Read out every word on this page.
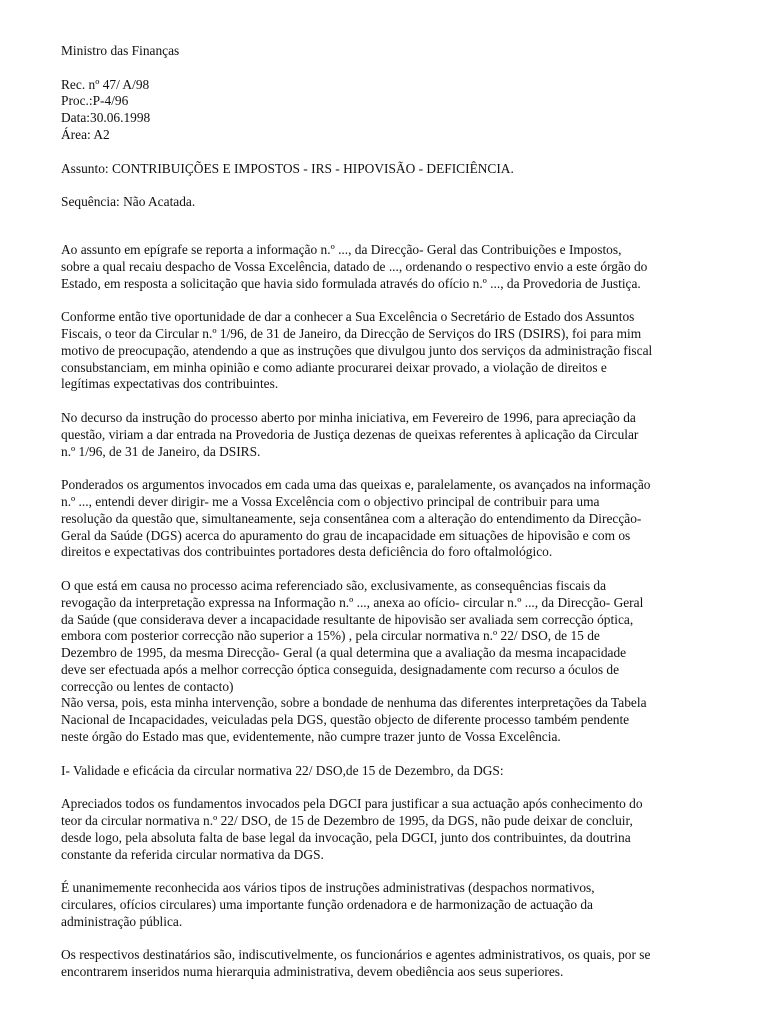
Ministro das Finanças

Rec. nº 47/ A/98

Proc.:P-4/96

Data:30.06.1998

Área: A2

Assunto: CONTRIBUIÇÕES E IMPOSTOS - IRS - HIPOVISÃO - DEFICIÊNCIA.

Sequência: Não Acatada.

Ao assunto em epígrafe se reporta a informação n.º ..., da Direcção- Geral das Contribuições e Impostos,

sobre a qual recaiu despacho de Vossa Excelência, datado de ..., ordenando o respectivo envio a este órgão do

Estado, em resposta a solicitação que havia sido formulada através do ofício n.º ..., da Provedoria de Justiça.

Conforme então tive oportunidade de dar a conhecer a Sua Excelência o Secretário de Estado dos Assuntos

Fiscais, o teor da Circular n.º 1/96, de 31 de Janeiro, da Direcção de Serviços do IRS (DSIRS), foi para mim

motivo de preocupação, atendendo a que as instruções que divulgou junto dos serviços da administração fiscal

consubstanciam, em minha opinião e como adiante procurarei deixar provado, a violação de direitos e

legítimas expectativas dos contribuintes.

No decurso da instrução do processo aberto por minha iniciativa, em Fevereiro de 1996, para apreciação da

questão, viriam a dar entrada na Provedoria de Justiça dezenas de queixas referentes à aplicação da Circular

n.º 1/96, de 31 de Janeiro, da DSIRS.

Ponderados os argumentos invocados em cada uma das queixas e, paralelamente, os avançados na informação

n.º ..., entendi dever dirigir- me a Vossa Excelência com o objectivo principal de contribuir para uma

resolução da questão que, simultaneamente, seja consentânea com a alteração do entendimento da Direcção-

Geral da Saúde (DGS) acerca do apuramento do grau de incapacidade em situações de hipovisão e com os

direitos e expectativas dos contribuintes portadores desta deficiência do foro oftalmológico.

O que está em causa no processo acima referenciado são, exclusivamente, as consequências fiscais da

revogação da interpretação expressa na Informação n.º ..., anexa ao ofício- circular n.º ..., da Direcção- Geral

da Saúde (que considerava dever a incapacidade resultante de hipovisão ser avaliada sem correcção óptica,

embora com posterior correcção não superior a 15%) , pela circular normativa n.º 22/ DSO, de 15 de

Dezembro de 1995, da mesma Direcção- Geral (a qual determina que a avaliação da mesma incapacidade

deve ser efectuada após a melhor correcção óptica conseguida, designadamente com recurso a óculos de

correcção ou lentes de contacto)

Não versa, pois, esta minha intervenção, sobre a bondade de nenhuma das diferentes interpretações da Tabela

Nacional de Incapacidades, veiculadas pela DGS, questão objecto de diferente processo também pendente

neste órgão do Estado mas que, evidentemente, não cumpre trazer junto de Vossa Excelência.

I- Validade e eficácia da circular normativa 22/ DSO,de 15 de Dezembro, da DGS:

Apreciados todos os fundamentos invocados pela DGCI para justificar a sua actuação após conhecimento do

teor da circular normativa n.º 22/ DSO, de 15 de Dezembro de 1995, da DGS, não pude deixar de concluir,

desde logo, pela absoluta falta de base legal da invocação, pela DGCI, junto dos contribuintes, da doutrina

constante da referida circular normativa da DGS.

É unanimemente reconhecida aos vários tipos de instruções administrativas (despachos normativos,

circulares, ofícios circulares) uma importante função ordenadora e de harmonização de actuação da

administração pública.

Os respectivos destinatários são, indiscutivelmente, os funcionários e agentes administrativos, os quais, por se

encontrarem inseridos numa hierarquia administrativa, devem obediência aos seus superiores.
